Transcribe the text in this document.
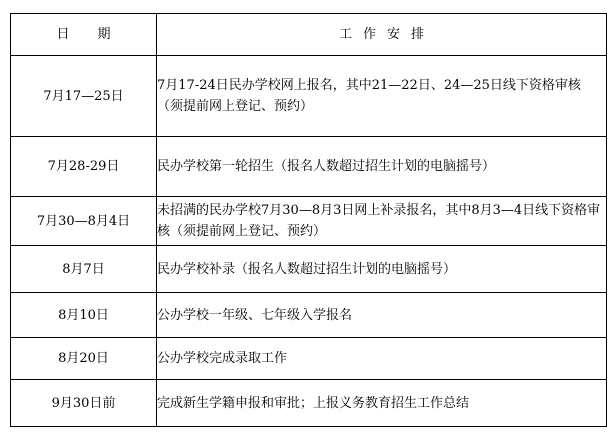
日期	工作安排
7月17—25日	7月17-24日民办学校网上报名，其中21—22日、24—25日线下资格审核（须提前网上登记、预约）
7月28-29日	民办学校第一轮招生（报名人数超过招生计划的电脑摇号）
7月30—8月4日	未招满的民办学校7月30—8月3日网上补录报名，其中8月3—4日线下资格审核（须提前网上登记、预约）
8月7日	民办学校补录（报名人数超过招生计划的电脑摇号）
8月10日	公办学校一年级、七年级入学报名
8月20日	公办学校完成录取工作
9月30日前	完成新生学籍申报和审批；上报义务教育招生工作总结
